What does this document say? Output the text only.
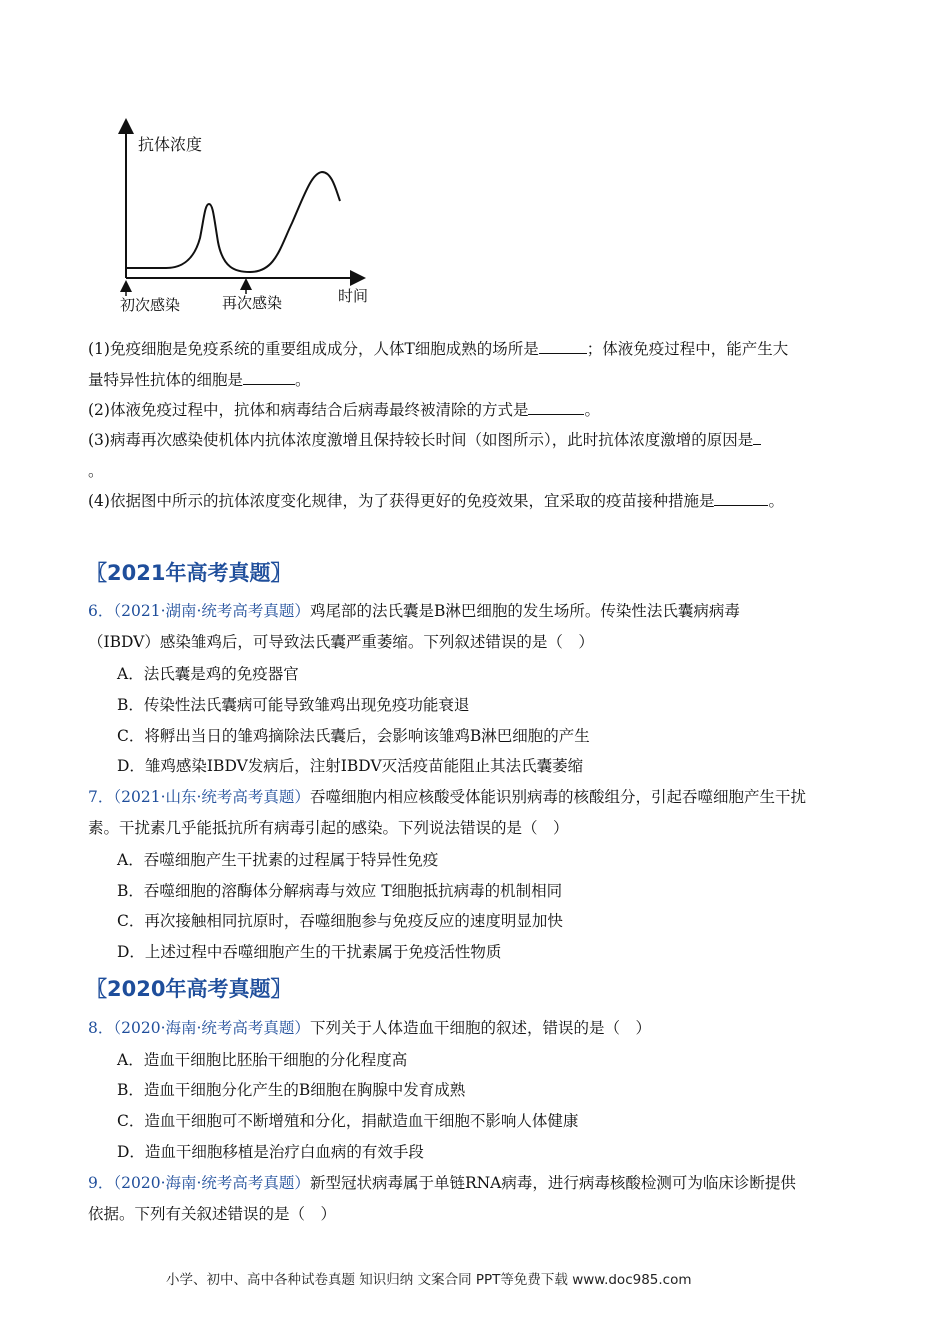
抗体浓度
初次感染	再次感染	时间
(1)免疫细胞是免疫系统的重要组成成分，人体T细胞成熟的场所是	；体液免疫过程中，能产生大
量特异性抗体的细胞是	。
(2)体液免疫过程中，抗体和病毒结合后病毒最终被清除的方式是	。
(3)病毒再次感染使机体内抗体浓度激增且保持较长时间（如图所示），此时抗体浓度激增的原因是
。
(4)依据图中所示的抗体浓度变化规律，为了获得更好的免疫效果，宜采取的疫苗接种措施是	。
〖2021年高考真题〗
6．（2021·湖南·统考高考真题）鸡尾部的法氏囊是B淋巴细胞的发生场所。传染性法氏囊病病毒
（IBDV）感染雏鸡后，可导致法氏囊严重萎缩。下列叙述错误的是（　）
A．法氏囊是鸡的免疫器官
B．传染性法氏囊病可能导致雏鸡出现免疫功能衰退
C．将孵出当日的雏鸡摘除法氏囊后，会影响该雏鸡B淋巴细胞的产生
D．雏鸡感染IBDV发病后，注射IBDV灭活疫苗能阻止其法氏囊萎缩
7．（2021·山东·统考高考真题）吞噬细胞内相应核酸受体能识别病毒的核酸组分，引起吞噬细胞产生干扰
素。干扰素几乎能抵抗所有病毒引起的感染。下列说法错误的是（　）
A．吞噬细胞产生干扰素的过程属于特异性免疫
B．吞噬细胞的溶酶体分解病毒与效应 T细胞抵抗病毒的机制相同
C．再次接触相同抗原时，吞噬细胞参与免疫反应的速度明显加快
D．上述过程中吞噬细胞产生的干扰素属于免疫活性物质
〖2020年高考真题〗
8．（2020·海南·统考高考真题）下列关于人体造血干细胞的叙述，错误的是（　）
A．造血干细胞比胚胎干细胞的分化程度高
B．造血干细胞分化产生的B细胞在胸腺中发育成熟
C．造血干细胞可不断增殖和分化，捐献造血干细胞不影响人体健康
D．造血干细胞移植是治疗白血病的有效手段
9．（2020·海南·统考高考真题）新型冠状病毒属于单链RNA病毒，进行病毒核酸检测可为临床诊断提供
依据。下列有关叙述错误的是（　）
小学、初中、高中各种试卷真题 知识归纳 文案合同 PPT等免费下载 www.doc985.com
